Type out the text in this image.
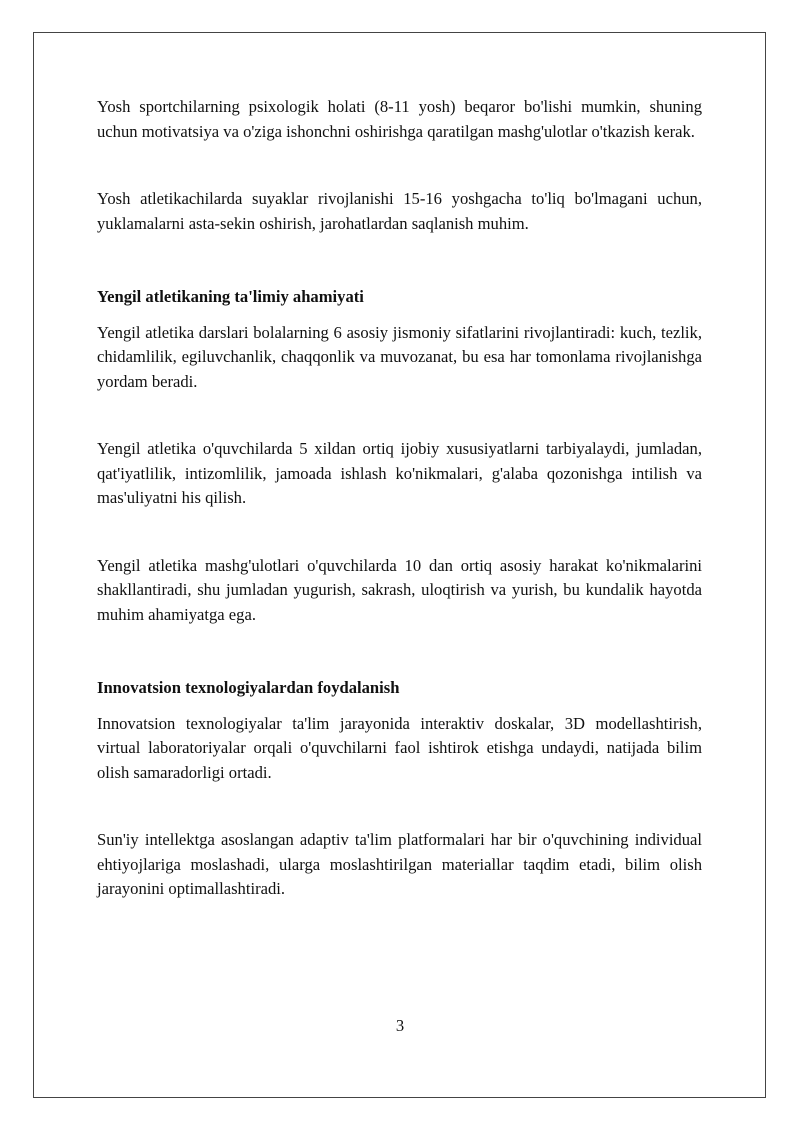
Yosh sportchilarning psixologik holati (8-11 yosh) beqaror bo'lishi mumkin, shuning uchun motivatsiya va o'ziga ishonchni oshirishga qaratilgan mashg'ulotlar o'tkazish kerak.

Yosh atletikachilarda suyaklar rivojlanishi 15-16 yoshgacha to'liq bo'lmagani uchun, yuklamalarni asta-sekin oshirish, jarohatlardan saqlanish muhim.

Yengil atletikaning ta'limiy ahamiyati

Yengil atletika darslari bolalarning 6 asosiy jismoniy sifatlarini rivojlantiradi: kuch, tezlik, chidamlilik, egiluvchanlik, chaqqonlik va muvozanat, bu esa har tomonlama rivojlanishga yordam beradi.

Yengil atletika o'quvchilarda 5 xildan ortiq ijobiy xususiyatlarni tarbiyalaydi, jumladan, qat'iyatlilik, intizomlilik, jamoada ishlash ko'nikmalari, g'alaba qozonishga intilish va mas'uliyatni his qilish.

Yengil atletika mashg'ulotlari o'quvchilarda 10 dan ortiq asosiy harakat ko'nikmalarini shakllantiradi, shu jumladan yugurish, sakrash, uloqtirish va yurish, bu kundalik hayotda muhim ahamiyatga ega.

Innovatsion texnologiyalardan foydalanish

Innovatsion texnologiyalar ta'lim jarayonida interaktiv doskalar, 3D modellashtirish, virtual laboratoriyalar orqali o'quvchilarni faol ishtirok etishga undaydi, natijada bilim olish samaradorligi ortadi.

Sun'iy intellektga asoslangan adaptiv ta'lim platformalari har bir o'quvchining individual ehtiyojlariga moslashadi, ularga moslashtirilgan materiallar taqdim etadi, bilim olish jarayonini optimallashtiradi.

3
